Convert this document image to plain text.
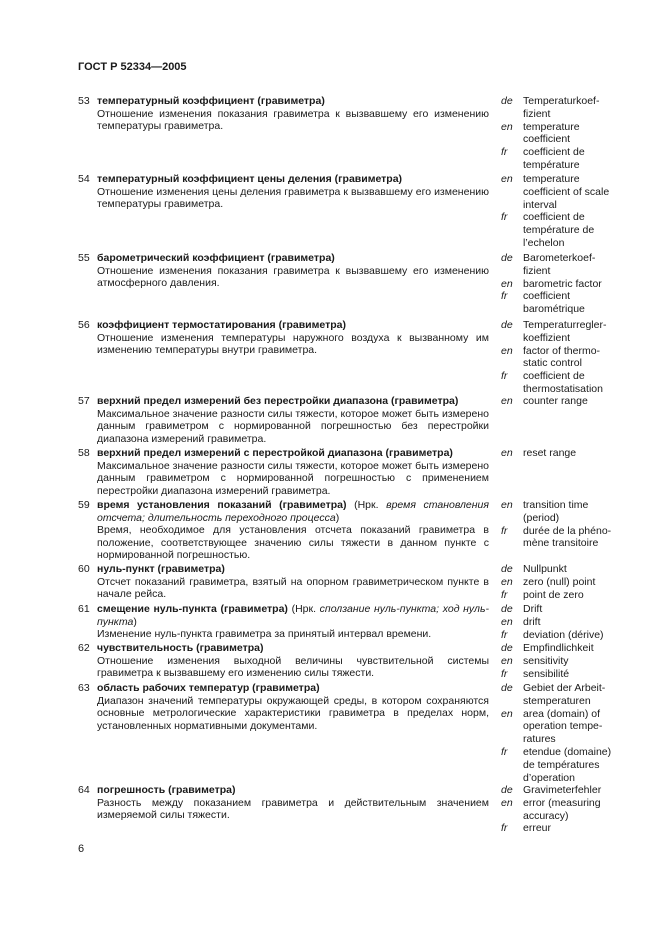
ГОСТ Р 52334—2005
53 температурный коэффициент (гравиметра)
Отношение изменения показания гравиметра к вызвавшему его изменению температуры гравиметра.
de Temperaturkoef-
fizient
en temperature
coefficient
fr	coefficient de
température
54 температурный коэффициент цены деления (гравиметра)
Отношение изменения цены деления гравиметра к вызвавшему его изменению температуры гравиметра.
en temperature
coefficient of scale
interval
fr	coefficient de
température de
l’echelon
55 барометрический коэффициент (гравиметра)
Отношение изменения показания гравиметра к вызвавшему его изменению атмосферного давления.
de Barometerkoef-
fizient
en barometric factor
fr	coefficient
barométrique
56 коэффициент термостатирования (гравиметра)
Отношение изменения температуры наружного воздуха к вызванному им изменению температуры внутри гравиметра.
de Temperaturregler-
koeffizient
en factor of thermo-
static control
fr	coefficient de
thermostatisation
57 верхний предел измерений без перестройки диапазона (гравиметра)
Максимальное значение разности силы тяжести, которое может быть измерено данным гравиметром с нормированной погрешностью без перестройки диапазона измерений гравиметра.
en counter range
58 верхний предел измерений с перестройкой диапазона (гравиметра)
Максимальное значение разности силы тяжести, которое может быть измерено данным гравиметром с нормированной погрешностью с применением перестройки диапазона измерений гравиметра.
en reset range
59 время установления показаний (гравиметра) (Нрк. время становления отсчета; длительность переходного процесса)
Время, необходимое для установления отсчета показаний гравиметра в положение, соответствующее значению силы тяжести в данном пункте с нормированной погрешностью.
en transition time
(period)
fr	durée de la phéno-
mène transitoire
60 нуль-пункт (гравиметра)
Отсчет показаний гравиметра, взятый на опорном гравиметрическом пункте в начале рейса.
de Nullpunkt
en zero (null) point
fr	point de zero
61 смещение нуль-пункта (гравиметра) (Нрк. сползание нуль-пункта; ход нуль-пункта)
Изменение нуль-пункта гравиметра за принятый интервал времени.
de Drift
en drift
fr	deviation (dérive)
62 чувствительность (гравиметра)
Отношение изменения выходной величины чувствительной системы гравиметра к вызвавшему его изменению силы тяжести.
de Empfindlichkeit
en sensitivity
fr	sensibilité
63 область рабочих температур (гравиметра)
Диапазон значений температуры окружающей среды, в котором сохраняются основные метрологические характеристики гравиметра в пределах норм, установленных нормативными документами.
de Gebiet der Arbeit-
stemperaturen
en area (domain) of
operation tempe-
ratures
fr	etendue (domaine)
de températures
d’operation
64 погрешность (гравиметра)
Разность между показанием гравиметра и действительным значением измеряемой силы тяжести.
de Gravimeterfehler
en error (measuring
accuracy)
fr	erreur
6
